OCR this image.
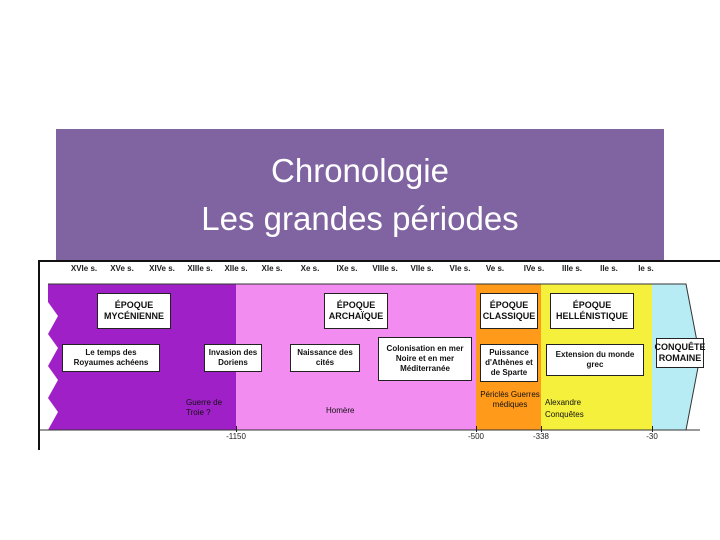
Chronologie
Les grandes périodes
XVIe s. XVe s. XIVe s. XIIIe s. XIIe s. XIe s. Xe s. IXe s. VIIIe s. VIIe s. VIe s. Ve s. IVe s. IIIe s. IIe s.	Ie s.
ÉPOQUE MYCÉNIENNE
ÉPOQUE ARCHAÏQUE
ÉPOQUE CLASSIQUE
ÉPOQUE HELLÉNISTIQUE
CONQUÊTE ROMAINE
Le temps des Royaumes achéens
Invasion des Doriens
Naissance des cités
Colonisation en mer Noire et en mer Méditerranée
Puissance d'Athènes et de Sparte
Extension du monde grec
Guerre de Troie ?	Homère
Périclès Guerres médiques	Alexandre
Conquêtes
-1150	-500	-338	-30
